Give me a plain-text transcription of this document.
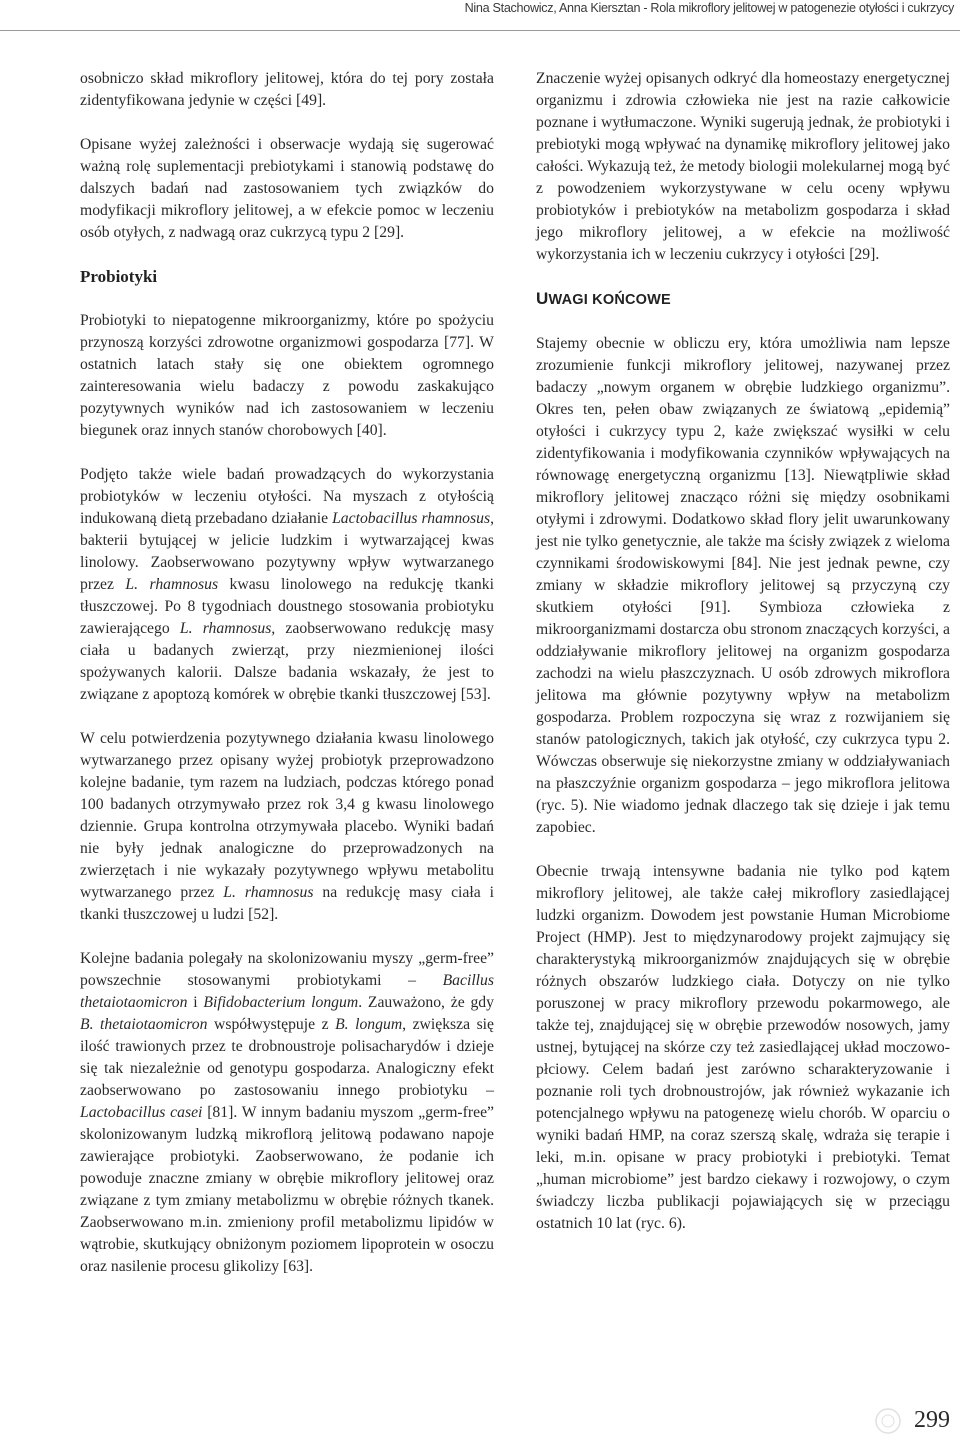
Nina Stachowicz, Anna Kiersztan - Rola mikroflory jelitowej w patogenezie otyłości i cukrzycy

osobniczo skład mikroflory jelitowej, która do tej pory została zidentyfikowana jedynie w części [49].

Opisane wyżej zależności i obserwacje wydają się sugerować ważną rolę suplementacji prebiotykami i stanowią podstawę do dalszych badań nad zastosowaniem tych związków do modyfikacji mikroflory jelitowej, a w efekcie pomoc w leczeniu osób otyłych, z nadwagą oraz cukrzycą typu 2 [29].

Probiotyki

Probiotyki to niepatogenne mikroorganizmy, które po spożyciu przynoszą korzyści zdrowotne organizmowi gospodarza [77]. W ostatnich latach stały się one obiektem ogromnego zainteresowania wielu badaczy z powodu zaskakująco pozytywnych wyników nad ich zastosowaniem w leczeniu biegunek oraz innych stanów chorobowych [40].

Podjęto także wiele badań prowadzących do wykorzystania probiotyków w leczeniu otyłości. Na myszach z otyłością indukowaną dietą przebadano działanie Lactobacillus rhamnosus, bakterii bytującej w jelicie ludzkim i wytwarzającej kwas linolowy. Zaobserwowano pozytywny wpływ wytwarzanego przez L. rhamnosus kwasu linolowego na redukcję tkanki tłuszczowej. Po 8 tygodniach doustnego stosowania probiotyku zawierającego L. rhamnosus, zaobserwowano redukcję masy ciała u badanych zwierząt, przy niezmienionej ilości spożywanych kalorii. Dalsze badania wskazały, że jest to związane z apoptozą komórek w obrębie tkanki tłuszczowej [53].

W celu potwierdzenia pozytywnego działania kwasu linolowego wytwarzanego przez opisany wyżej probiotyk przeprowadzono kolejne badanie, tym razem na ludziach, podczas którego ponad 100 badanych otrzymywało przez rok 3,4 g kwasu linolowego dziennie. Grupa kontrolna otrzymywała placebo. Wyniki badań nie były jednak analogiczne do przeprowadzonych na zwierzętach i nie wykazały pozytywnego wpływu metabolitu wytwarzanego przez L. rhamnosus na redukcję masy ciała i tkanki tłuszczowej u ludzi [52].

Kolejne badania polegały na skolonizowaniu myszy „germ-free” powszechnie stosowanymi probiotykami – Bacillus thetaiotaomicron i Bifidobacterium longum. Zauważono, że gdy B. thetaiotaomicron współwystępuje z B. longum, zwiększa się ilość trawionych przez te drobnoustroje polisacharydów i dzieje się tak niezależnie od genotypu gospodarza. Analogiczny efekt zaobserwowano po zastosowaniu innego probiotyku – Lactobacillus casei [81]. W innym badaniu myszom „germ-free” skolonizowanym ludzką mikroflorą jelitową podawano napoje zawierające probiotyki. Zaobserwowano, że podanie ich powoduje znaczne zmiany w obrębie mikroflory jelitowej oraz związane z tym zmiany metabolizmu w obrębie różnych tkanek. Zaobserwowano m.in. zmieniony profil metabolizmu lipidów w wątrobie, skutkujący obniżonym poziomem lipoprotein w osoczu oraz nasilenie procesu glikolizy [63].

Znaczenie wyżej opisanych odkryć dla homeostazy energetycznej organizmu i zdrowia człowieka nie jest na razie całkowicie poznane i wytłumaczone. Wyniki sugerują jednak, że probiotyki i prebiotyki mogą wpływać na dynamikę mikroflory jelitowej jako całości. Wykazują też, że metody biologii molekularnej mogą być z powodzeniem wykorzystywane w celu oceny wpływu probiotyków i prebiotyków na metabolizm gospodarza i skład jego mikroflory jelitowej, a w efekcie na możliwość wykorzystania ich w leczeniu cukrzycy i otyłości [29].

UWAGI KOŃCOWE

Stajemy obecnie w obliczu ery, która umożliwia nam lepsze zrozumienie funkcji mikroflory jelitowej, nazywanej przez badaczy „nowym organem w obrębie ludzkiego organizmu”. Okres ten, pełen obaw związanych ze światową „epidemią” otyłości i cukrzycy typu 2, każe zwiększać wysiłki w celu zidentyfikowania i modyfikowania czynników wpływających na równowagę energetyczną organizmu [13]. Niewątpliwie skład mikroflory jelitowej znacząco różni się między osobnikami otyłymi i zdrowymi. Dodatkowo skład flory jelit uwarunkowany jest nie tylko genetycznie, ale także ma ścisły związek z wieloma czynnikami środowiskowymi [84]. Nie jest jednak pewne, czy zmiany w składzie mikroflory jelitowej są przyczyną czy skutkiem otyłości [91]. Symbioza człowieka z mikroorganizmami dostarcza obu stronom znaczących korzyści, a oddziaływanie mikroflory jelitowej na organizm gospodarza zachodzi na wielu płaszczyznach. U osób zdrowych mikroflora jelitowa ma głównie pozytywny wpływ na metabolizm gospodarza. Problem rozpoczyna się wraz z rozwijaniem się stanów patologicznych, takich jak otyłość, czy cukrzyca typu 2. Wówczas obserwuje się niekorzystne zmiany w oddziaływaniach na płaszczyźnie organizm gospodarza – jego mikroflora jelitowa (ryc. 5). Nie wiadomo jednak dlaczego tak się dzieje i jak temu zapobiec.

Obecnie trwają intensywne badania nie tylko pod kątem mikroflory jelitowej, ale także całej mikroflory zasiedlającej ludzki organizm. Dowodem jest powstanie Human Microbiome Project (HMP). Jest to międzynarodowy projekt zajmujący się charakterystyką mikroorganizmów znajdujących się w obrębie różnych obszarów ludzkiego ciała. Dotyczy on nie tylko poruszonej w pracy mikroflory przewodu pokarmowego, ale także tej, znajdującej się w obrębie przewodów nosowych, jamy ustnej, bytującej na skórze czy też zasiedlającej układ moczowo-płciowy. Celem badań jest zarówno scharakteryzowanie i poznanie roli tych drobnoustrojów, jak również wykazanie ich potencjalnego wpływu na patogenezę wielu chorób. W oparciu o wyniki badań HMP, na coraz szerszą skalę, wdraża się terapie i leki, m.in. opisane w pracy probiotyki i prebiotyki. Temat „human microbiome” jest bardzo ciekawy i rozwojowy, o czym świadczy liczba publikacji pojawiających się w przeciągu ostatnich 10 lat (ryc. 6).

299
